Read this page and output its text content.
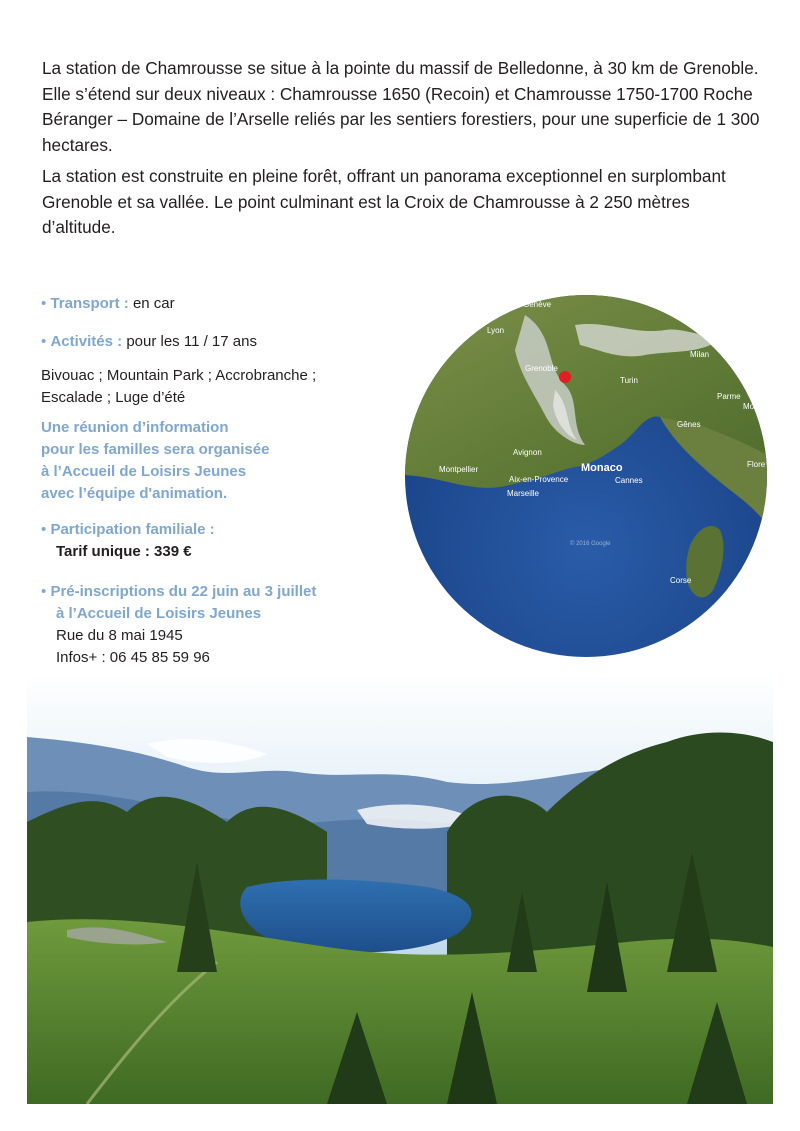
La station de Chamrousse se situe à la pointe du massif de Belledonne, à 30 km de Grenoble. Elle s’étend sur deux niveaux : Chamrousse 1650 (Recoin) et Chamrousse 1750-1700 Roche Béranger – Domaine de l’Arselle reliés par les sentiers forestiers, pour une superficie de 1 300 hectares.

La station est construite en pleine forêt, offrant un panorama exceptionnel en surplombant Grenoble et sa vallée. Le point culminant est la Croix de Chamrousse à 2 250 mètres d’altitude.

• Transport : en car

• Activités : pour les 11 / 17 ans

Bivouac ; Mountain Park ; Accrobranche ; Escalade ; Luge d’été

Une réunion d’information
pour les familles sera organisée
à l’Accueil de Loisirs Jeunes
avec l’équipe d'animation.
• Participation familiale :
Tarif unique : 339 €
• Pré-inscriptions du 22 juin au 3 juillet
à l’Accueil de Loisirs Jeunes
Rue du 8 mai 1945
Infos+ : 06 45 85 59 96
Genève
Lyon
Grenoble
Milan
Turin
Parme
Mod
Gênes
Flore
Montpellier
Avignon
Aix-en-Provence
Marseille
Cannes
Corse
© 2016 Google
Monaco
